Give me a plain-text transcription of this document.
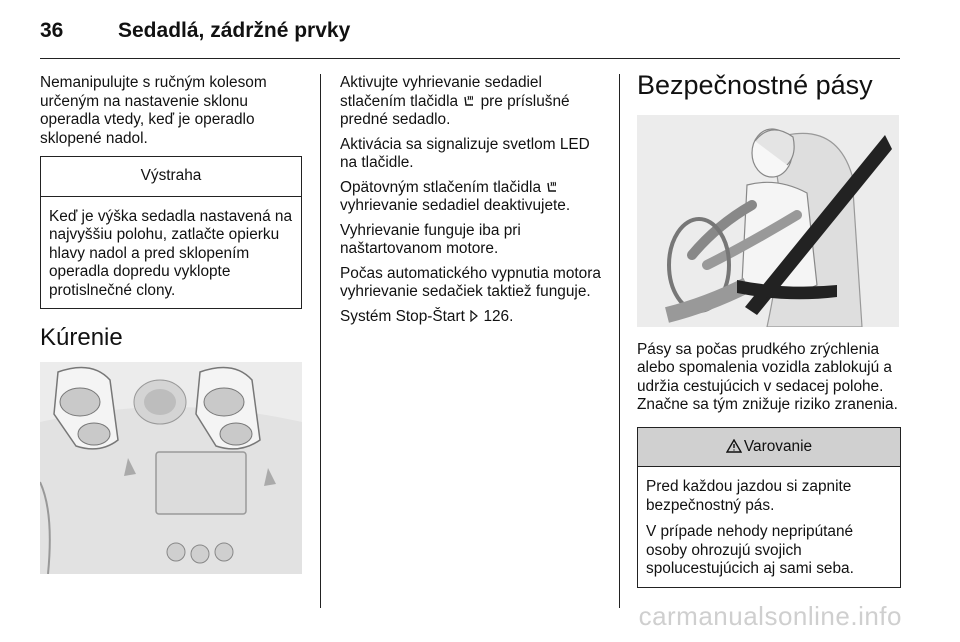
36	Sedadlá, zádržné prvky

Nemanipulujte s ručným kolesom určeným na nastavenie sklonu operadla vtedy, keď je operadlo sklopené nadol.

Výstraha

Keď je výška sedadla nastavená na najvyššiu polohu, zatlačte opierku hlavy nadol a pred sklopením operadla dopredu vyklopte protislnečné clony.

Kúrenie

Aktivujte vyhrievanie sedadiel stlačením tlačidla  pre príslušné predné sedadlo.

Aktivácia sa signalizuje svetlom LED na tlačidle.

Opätovným stlačením tlačidla  vyhrievanie sedadiel deaktivujete.

Vyhrievanie funguje iba pri naštartovanom motore.

Počas automatického vypnutia motora vyhrievanie sedačiek taktiež funguje.

Systém Stop-Štart  126.

Bezpečnostné pásy

Pásy sa počas prudkého zrýchlenia alebo spomalenia vozidla zablokujú a udržia cestujúcich v sedacej polohe. Značne sa tým znižuje riziko zranenia.

Varovanie

Pred každou jazdou si zapnite bezpečnostný pás.

V prípade nehody nepripútané osoby ohrozujú svojich spolucestujúcich aj sami seba.

carmanualsonline.info
